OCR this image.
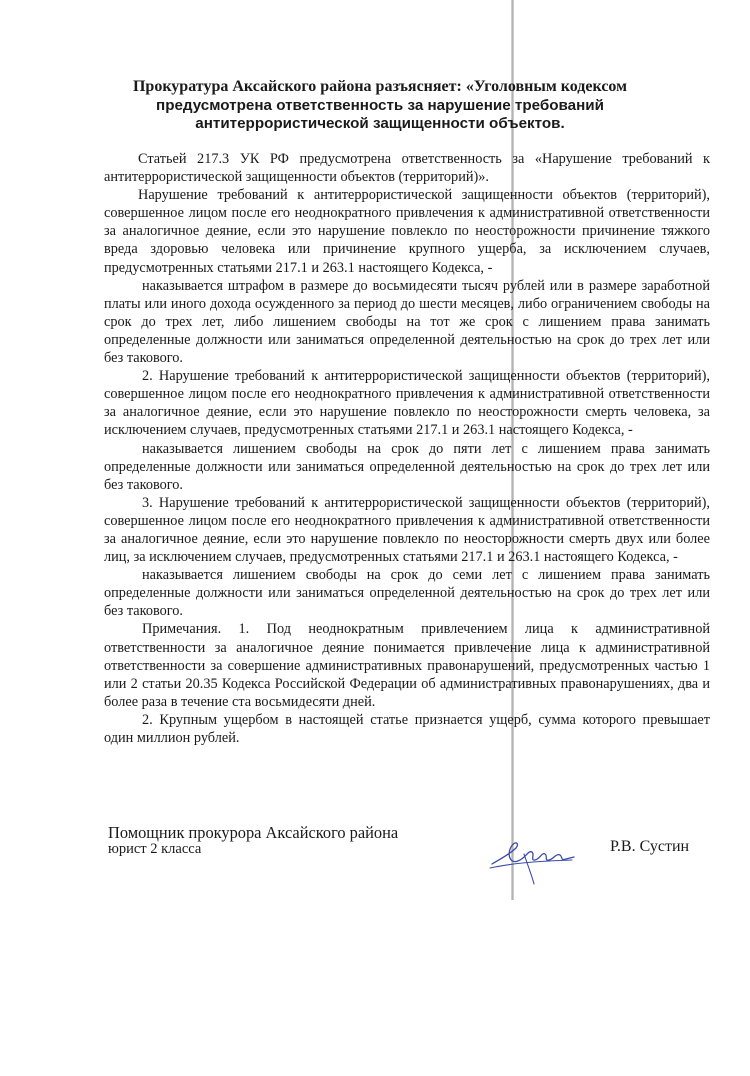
Прокуратура Аксайского района разъясняет: «Уголовным кодексом
предусмотрена ответственность за нарушение требований
антитеррористической защищенности объектов.

Статьей 217.3 УК РФ предусмотрена ответственность за «Нарушение требований к антитеррористической защищенности объектов (территорий)».

Нарушение требований к антитеррористической защищенности объектов (территорий), совершенное лицом после его неоднократного привлечения к административной ответственности за аналогичное деяние, если это нарушение повлекло по неосторожности причинение тяжкого вреда здоровью человека или причинение крупного ущерба, за исключением случаев, предусмотренных статьями 217.1 и 263.1 настоящего Кодекса, -

наказывается штрафом в размере до восьмидесяти тысяч рублей или в размере заработной платы или иного дохода осужденного за период до шести месяцев, либо ограничением свободы на срок до трех лет, либо лишением свободы на тот же срок с лишением права занимать определенные должности или заниматься определенной деятельностью на срок до трех лет или без такового.

2. Нарушение требований к антитеррористической защищенности объектов (территорий), совершенное лицом после его неоднократного привлечения к административной ответственности за аналогичное деяние, если это нарушение повлекло по неосторожности смерть человека, за исключением случаев, предусмотренных статьями 217.1 и 263.1 настоящего Кодекса, -

наказывается лишением свободы на срок до пяти лет с лишением права занимать определенные должности или заниматься определенной деятельностью на срок до трех лет или без такового.

3. Нарушение требований к антитеррористической защищенности объектов (территорий), совершенное лицом после его неоднократного привлечения к административной ответственности за аналогичное деяние, если это нарушение повлекло по неосторожности смерть двух или более лиц, за исключением случаев, предусмотренных статьями 217.1 и 263.1 настоящего Кодекса, -

наказывается лишением свободы на срок до семи лет с лишением права занимать определенные должности или заниматься определенной деятельностью на срок до трех лет или без такового.

Примечания. 1. Под неоднократным привлечением лица к административной ответственности за аналогичное деяние понимается привлечение лица к административной ответственности за совершение административных правонарушений, предусмотренных частью 1 или 2 статьи 20.35 Кодекса Российской Федерации об административных правонарушениях, два и более раза в течение ста восьмидесяти дней.

2. Крупным ущербом в настоящей статье признается ущерб, сумма которого превышает один миллион рублей.

Помощник прокурора Аксайского района
юрист 2 класса	Р.В. Сустин
